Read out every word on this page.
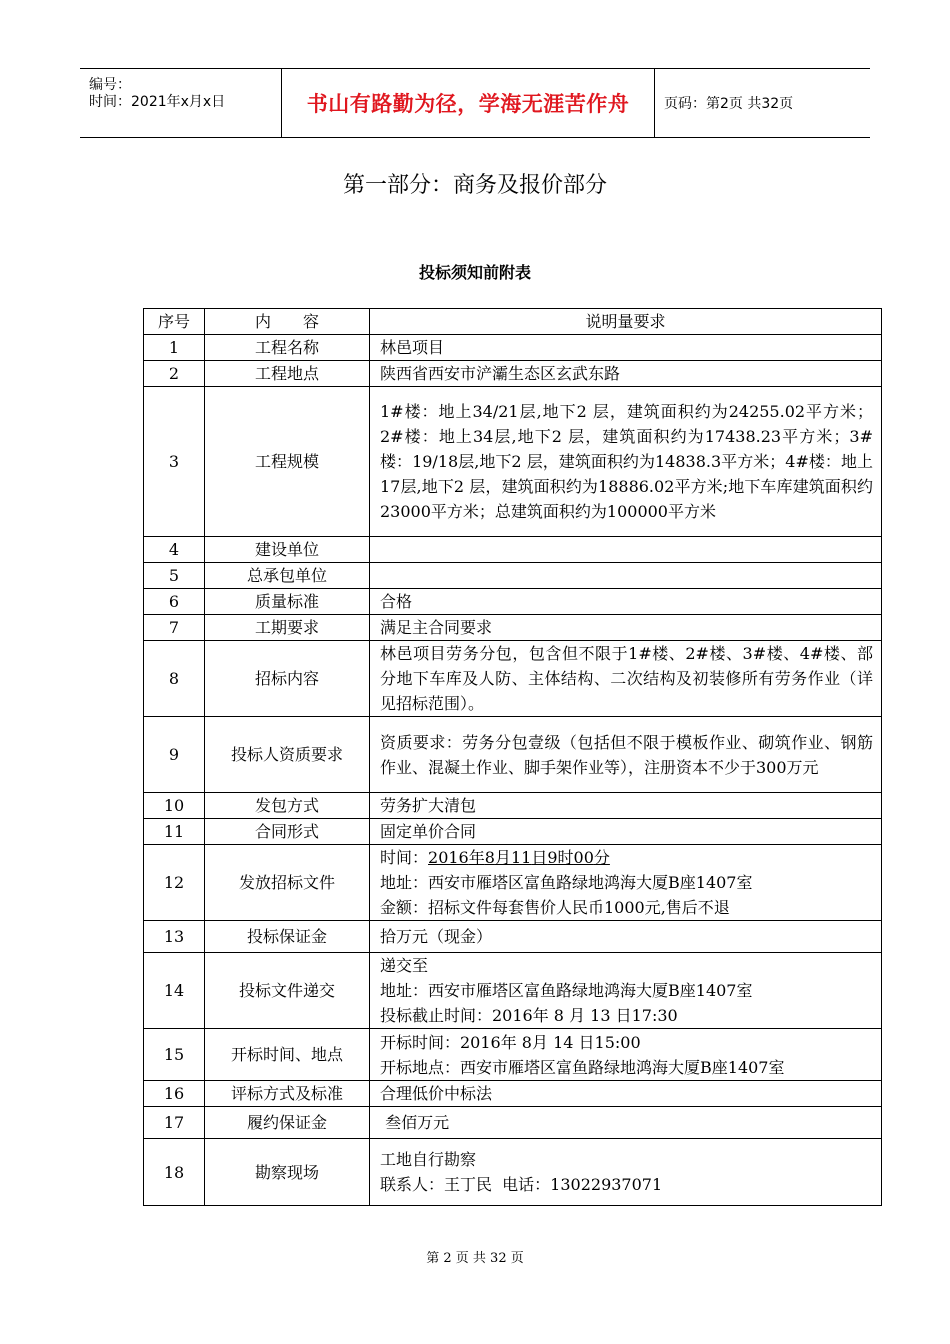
编号：
时间：2021年x月x日	书山有路勤为径，学海无涯苦作舟	页码：第2页 共32页
第一部分：商务及报价部分
投标须知前附表
序号	内　　容	说明量要求
1	工程名称	林邑项目

2	工程地点	陕西省西安市浐灞生态区玄武东路

3	工程规模	1#楼：地上34/21层,地下2 层，建筑面积约为24255.02平方米；2#楼：地上34层,地下2 层，建筑面积约为17438.23平方米；3#楼：19/18层,地下2 层，建筑面积约为14838.3平方米；4#楼：地上17层,地下2 层，建筑面积约为18886.02平方米;地下车库建筑面积约23000平方米；总建筑面积约为100000平方米

4	建设单位	

5	总承包单位	

6	质量标准	合格

7	工期要求	满足主合同要求

8	招标内容	林邑项目劳务分包，包含但不限于1#楼、2#楼、3#楼、4#楼、部分地下车库及人防、主体结构、二次结构及初装修所有劳务作业（详见招标范围）。

9	投标人资质要求	资质要求：劳务分包壹级（包括但不限于模板作业、砌筑作业、钢筋作业、混凝土作业、脚手架作业等），注册资本不少于300万元

10	发包方式	劳务扩大清包

11	合同形式	固定单价合同

12	发放招标文件	时间：2016年8月11日9时00分
地址：西安市雁塔区富鱼路绿地鸿海大厦B座1407室
金额：招标文件每套售价人民币1000元,售后不退

13	投标保证金	拾万元（现金）

14	投标文件递交	递交至
地址：西安市雁塔区富鱼路绿地鸿海大厦B座1407室
投标截止时间：2016年 8 月 13 日17:30

15	开标时间、地点	开标时间：2016年 8月 14 日15:00
开标地点：西安市雁塔区富鱼路绿地鸿海大厦B座1407室

16	评标方式及标准	合理低价中标法

17	履约保证金	叁佰万元

18	勘察现场	工地自行勘察
联系人：王丁民  电话：13022937071
第 2 页 共 32 页
